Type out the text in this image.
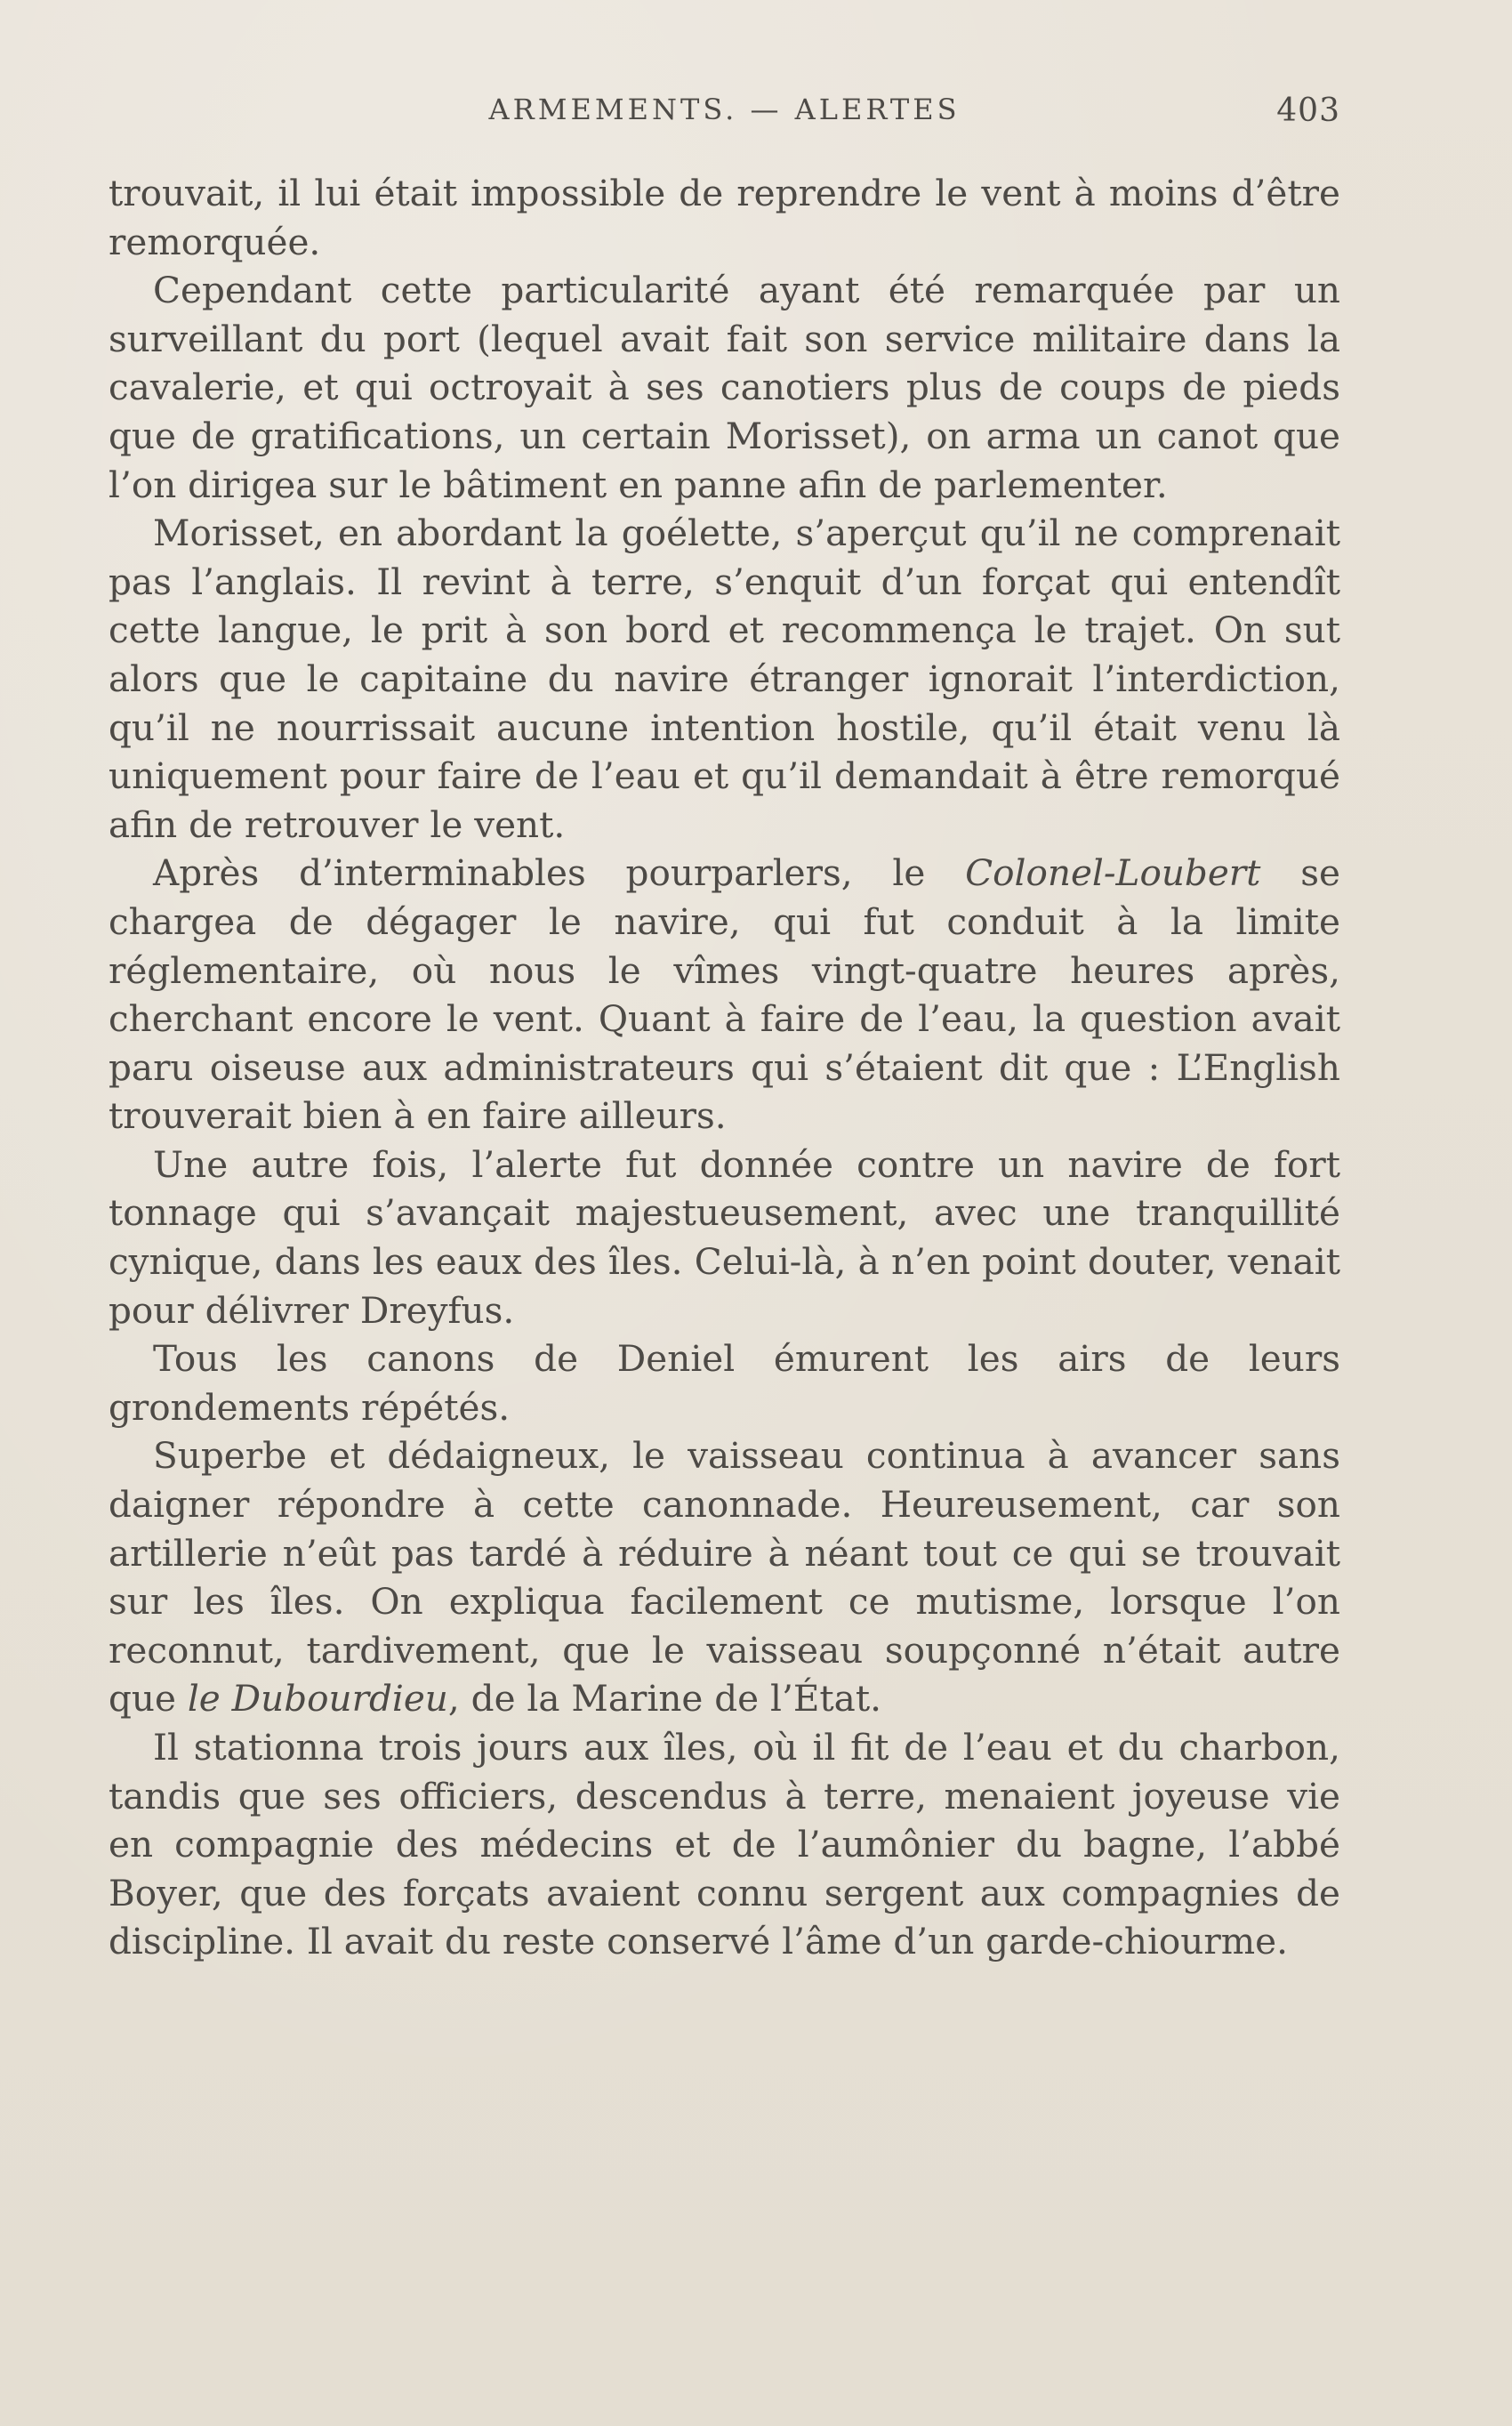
ARMEMENTS. — ALERTES	403

trouvait, il lui était impossible de reprendre le vent à moins d’être remorquée.

Cependant cette particularité ayant été remarquée par un surveillant du port (lequel avait fait son service militaire dans la cavalerie, et qui octroyait à ses canotiers plus de coups de pieds que de gratifications, un certain Morisset), on arma un canot que l’on dirigea sur le bâtiment en panne afin de parlementer.

Morisset, en abordant la goélette, s’aperçut qu’il ne comprenait pas l’anglais. Il revint à terre, s’enquit d’un forçat qui entendît cette langue, le prit à son bord et recommença le trajet. On sut alors que le capitaine du navire étranger ignorait l’interdiction, qu’il ne nourrissait aucune intention hostile, qu’il était venu là uniquement pour faire de l’eau et qu’il demandait à être remorqué afin de retrouver le vent.

Après d’interminables pourparlers, le Colonel-Loubert se chargea de dégager le navire, qui fut conduit à la limite réglementaire, où nous le vîmes vingt-quatre heures après, cherchant encore le vent. Quant à faire de l’eau, la question avait paru oiseuse aux administrateurs qui s’étaient dit que : L’English trouverait bien à en faire ailleurs.

Une autre fois, l’alerte fut donnée contre un navire de fort tonnage qui s’avançait majestueusement, avec une tranquillité cynique, dans les eaux des îles. Celui-là, à n’en point douter, venait pour délivrer Dreyfus.

Tous les canons de Deniel émurent les airs de leurs grondements répétés.

Superbe et dédaigneux, le vaisseau continua à avancer sans daigner répondre à cette canonnade. Heureusement, car son artillerie n’eût pas tardé à réduire à néant tout ce qui se trouvait sur les îles. On expliqua facilement ce mutisme, lorsque l’on reconnut, tardivement, que le vaisseau soupçonné n’était autre que le Dubourdieu, de la Marine de l’État.

Il stationna trois jours aux îles, où il fit de l’eau et du charbon, tandis que ses officiers, descendus à terre, menaient joyeuse vie en compagnie des médecins et de l’aumônier du bagne, l’abbé Boyer, que des forçats avaient connu sergent aux compagnies de discipline. Il avait du reste conservé l’âme d’un garde-chiourme.
